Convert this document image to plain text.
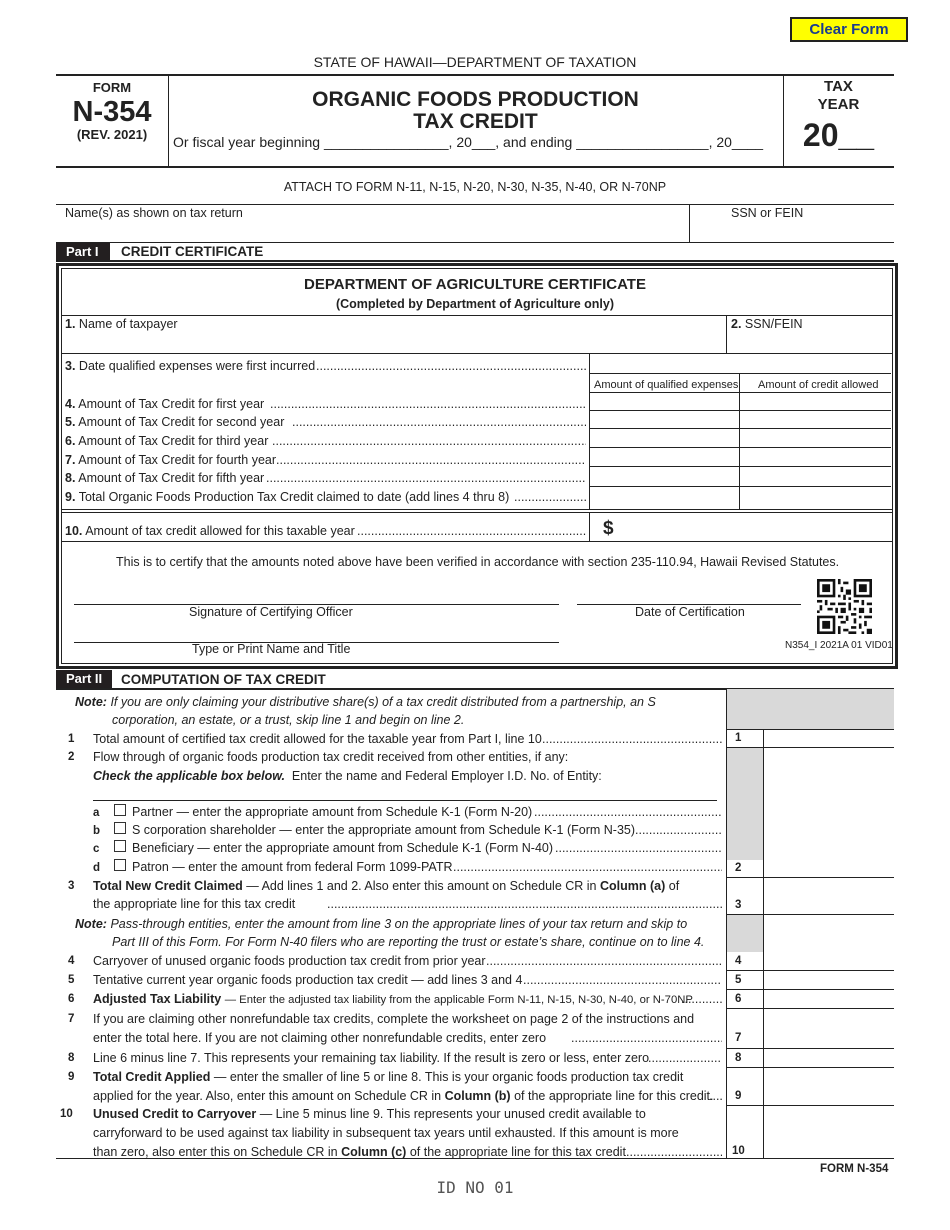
Clear Form
STATE OF HAWAII—DEPARTMENT OF TAXATION
FORM
N-354
(REV. 2021)
ORGANIC FOODS PRODUCTION
TAX CREDIT
Or fiscal year beginning ________________, 20___, and ending _________________, 20____
TAX
YEAR
20__
ATTACH TO FORM N-11, N-15, N-20, N-30, N-35, N-40, OR N-70NP
Name(s) as shown on tax return	SSN or FEIN
Part I	CREDIT CERTIFICATE
DEPARTMENT OF AGRICULTURE CERTIFICATE
(Completed by Department of Agriculture only)
1. Name of taxpayer	2. SSN/FEIN
3. Date qualified expenses were first incurred
.....
Amount of qualified expenses Amount of credit allowed
4. Amount of Tax Credit for first year
.....
5. Amount of Tax Credit for second year
.....
6. Amount of Tax Credit for third year
.....
7. Amount of Tax Credit for fourth year
.....
8. Amount of Tax Credit for fifth year
.....
9. Total Organic Foods Production Tax Credit claimed to date (add lines 4 thru 8)
.....
10. Amount of tax credit allowed for this taxable year
.....	$
This is to certify that the amounts noted above have been verified in accordance with section 235-110.94, Hawaii Revised Statutes.
Signature of Certifying Officer	Date of Certification
Type or Print Name and Title	N354_I 2021A 01 VID01
Part II	COMPUTATION OF TAX CREDIT
1
2
3
4
5
6
7
8
9
10
Note: If you are only claiming your distributive share(s) of a tax credit distributed from a partnership, an S
corporation, an estate, or a trust, skip line 1 and begin on line 2.
1 Total amount of certified tax credit allowed for the taxable year from Part I, line 10
.....
2 Flow through of organic foods production tax credit received from other entities, if any:
Check the applicable box below. Enter the name and Federal Employer I.D. No. of Entity:
a	Partner — enter the appropriate amount from Schedule K-1 (Form N-20)
.....
b	S corporation shareholder — enter the appropriate amount from Schedule K-1 (Form N-35)
.....
c	Beneficiary — enter the appropriate amount from Schedule K-1 (Form N-40)
.....
d	Patron — enter the amount from federal Form 1099-PATR
.....
3 Total New Credit Claimed — Add lines 1 and 2. Also enter this amount on Schedule CR in Column (a) of
the appropriate line for this tax credit
.....
Note: Pass-through entities, enter the amount from line 3 on the appropriate lines of your tax return and skip to
Part III of this Form. For Form N-40 filers who are reporting the trust or estate’s share, continue on to line 4.
4 Carryover of unused organic foods production tax credit from prior year
.....
5 Tentative current year organic foods production tax credit — add lines 3 and 4
.....
6 Adjusted Tax Liability — Enter the adjusted tax liability from the applicable Form N-11, N-15, N-30, N-40, or N-70NP
.....
7 If you are claiming other nonrefundable tax credits, complete the worksheet on page 2 of the instructions and
enter the total here. If you are not claiming other nonrefundable credits, enter zero
.....
8 Line 6 minus line 7. This represents your remaining tax liability. If the result is zero or less, enter zero
.....
9 Total Credit Applied — enter the smaller of line 5 or line 8. This is your organic foods production tax credit
applied for the year. Also, enter this amount on Schedule CR in Column (b) of the appropriate line for this credit.
.....
10 Unused Credit to Carryover — Line 5 minus line 9. This represents your unused credit available to
carryforward to be used against tax liability in subsequent tax years until exhausted. If this amount is more
than zero, also enter this on Schedule CR in Column (c) of the appropriate line for this tax credit
.....
FORM N-354
ID NO 01
